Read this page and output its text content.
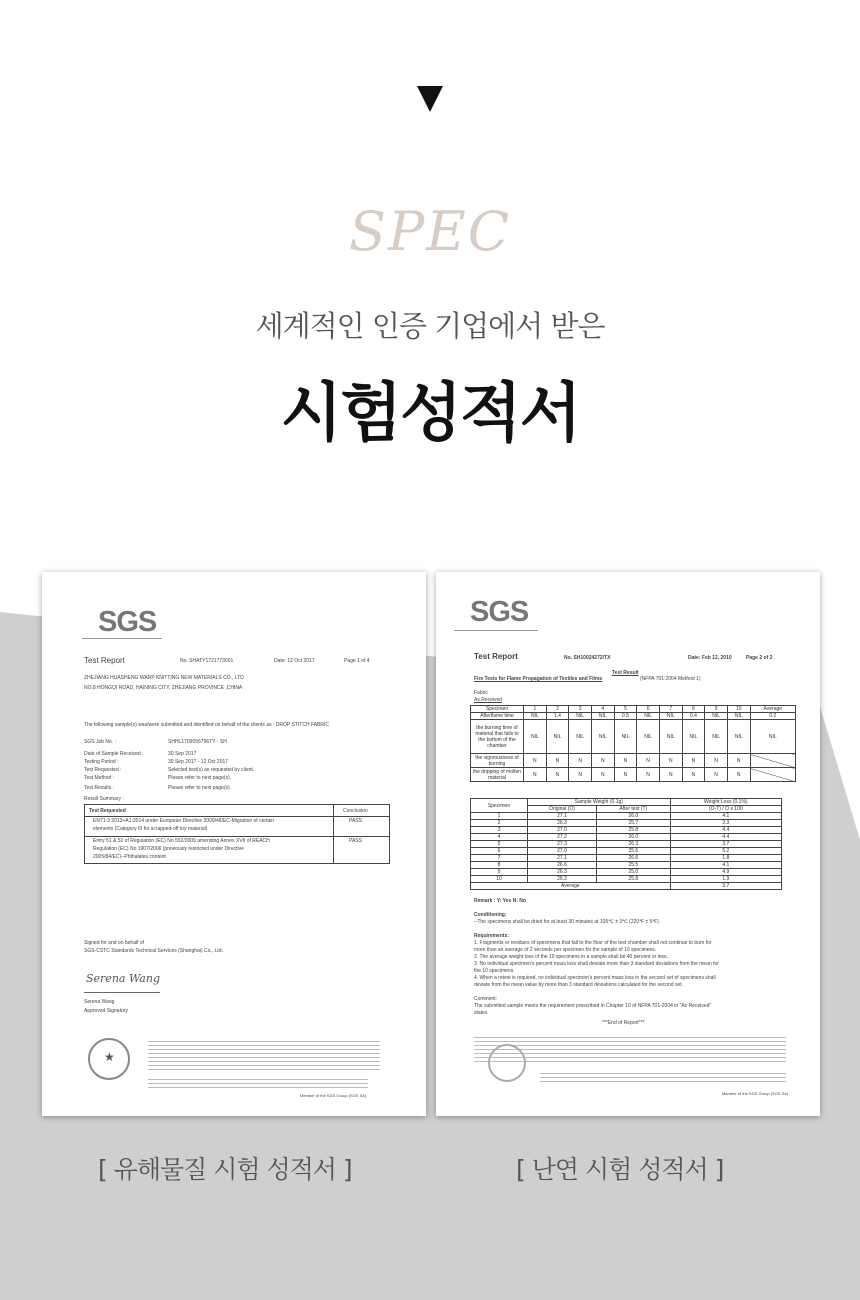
SPEC
세계적인 인증 기업에서 받은
시험성적서
SGS
Test Report	No. SHATY1721773001	Date: 12 Oct 2017	Page 1 of 4
ZHEJIANG HUASHENG WARP KNITTING NEW MATERIALS CO., LTD
NO.8 HONGQI ROAD, HAINING CITY, ZHEJIANG PROVINCE ,CHINA
The following sample(s) was/were submitted and identified on behalf of the clients as : DROP STITCH FABRIC
SGS Job No. :	SHHL1709056796TY - SH
Date of Sample Received :	30 Sep 2017
Testing Period :	30 Sep 2017 - 12 Oct 2017
Test Requested :	Selected test(s) as requested by client.
Test Method :	Please refer to next page(s).
Test Results :	Please refer to next page(s).
Result Summary :
Test Requested	Conclusion
EN71-3:2013+A1:2014 under European Directive 2009/48/EC-Migration of certain
elements (Category III for scrapped-off toy material)
PASS
Entry 51 & 52 of Regulation (EC) No 552/2009 amending Annex XVII of REACH
Regulation (EC) No 1907/2006 (previously restricted under Directive
2005/84/EC)--Phthalates content
PASS
Signed for and on behalf of
SGS-CSTC Standards Technical Services (Shanghai) Co., Ltd.
Serena Wang
Serena Wang
Approved Signatory
★
Member of the SGS Group (SGS SA)
SGS
Test Report	No. SH10024272/TX	Date: Feb 12, 2010	Page 2 of 2
Test Result
Fire Tests for Flame Propagation of Textiles and Films	(NFPA 701:2004 Method 1)
Fabric
As Received
Specimen	1	2	3	4	5	6	7	8	9	10	Average
Afterflame time	NIL	1.4	NIL	NIL	0.5	NIL	NIL	0.4	NIL	NIL	0.2
the burning time of material that falls to the bottom of the chamber	NIL	NIL	NIL	NIL	NIL	NIL	NIL	NIL	NIL	NIL	NIL
the vigorousness of burning	N	N	N	N	N	N	N	N	N	N	
the dripping of molten material	N	N	N	N	N	N	N	N	N	N	
Specimen	Sample Weight (0.1g)		Weight Loss (0.1%)
	Original (O)	After test (T)	(O-T) / O x 100
1	27.1	26.0	4.1
2	26.3	25.7	2.3
3	27.0	25.8	4.4
4	27.2	26.0	4.4
5	27.3	26.3	3.7
6	27.0	25.6	5.2
7	27.1	26.6	1.8
8	26.6	25.5	4.1
9	26.3	25.0	4.9
10	26.3	25.8	1.9
Average			3.7
Remark : Y: Yes N: No
Conditioning:
--The specimens shall be dried for at least 30 minutes at 105℃ ± 3℃ (220℉ ± 5℉).
Requirements:
1. Fragments or residues of specimens that fall to the floor of the test chamber shall not continue to burn for
more than an average of 2 seconds per specimen for the sample of 10 specimens.
2. The average weight loss of the 10 specimens in a sample shall be 40 percent or less.
3. No individual specimen's percent mass loss shall deviate more than 3 standard deviations from the mean for
the 10 specimens.
4. When a retest is required, no individual specimen's percent mass loss in the second set of specimens shall
deviate from the mean value by more than 3 standard deviations calculated for the second set.
Comment:
The submitted sample meets the requirement prescribed in Chapter 10 of NFPA 701-2004 in "As Received"
states
***End of Report***
Member of the SGS Group (SGS SA)
[ 유해물질 시험 성적서 ]	[ 난연 시험 성적서 ]
